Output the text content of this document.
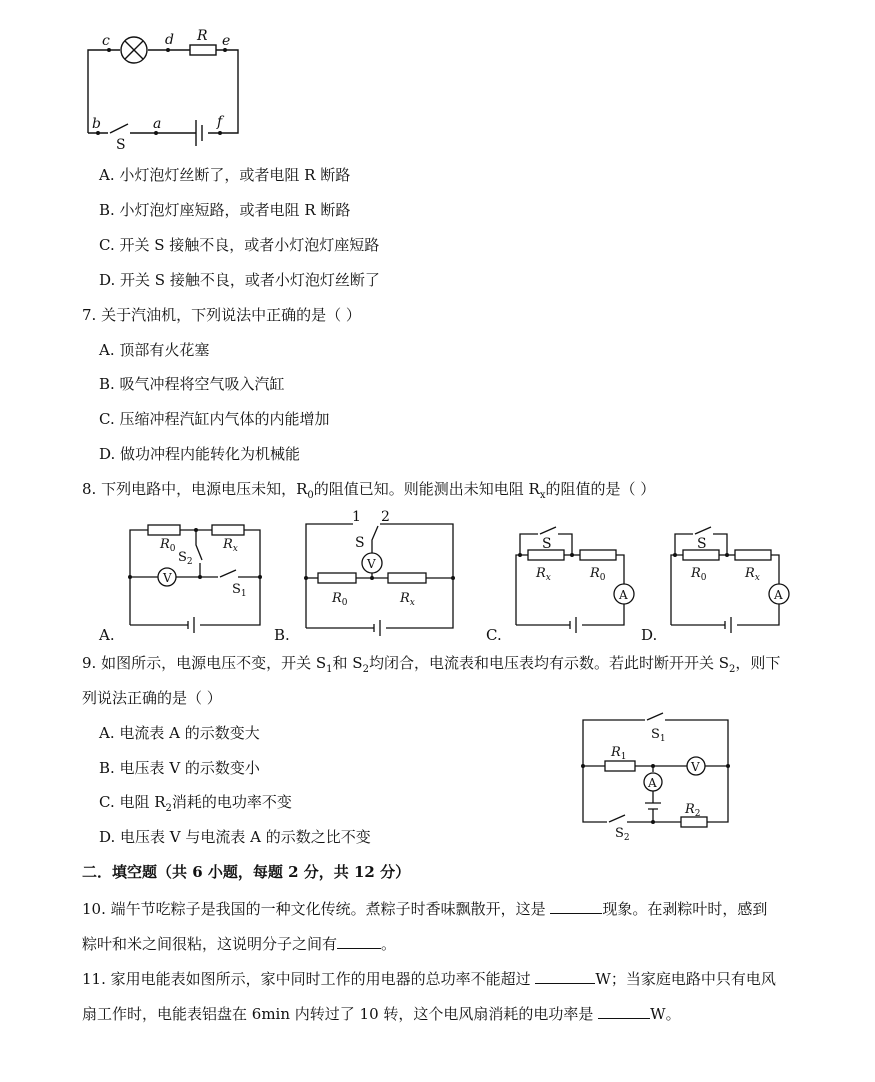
c	d R e
b	a	f
S
A. 小灯泡灯丝断了，或者电阻 R 断路
B. 小灯泡灯座短路，或者电阻 R 断路
C. 开关 S 接触不良，或者小灯泡灯座短路
D. 开关 S 接触不良，或者小灯泡灯丝断了
7. 关于汽油机，下列说法中正确的是（ ）
A. 顶部有火花塞
B. 吸气冲程将空气吸入汽缸
C. 压缩冲程汽缸内气体的内能增加
D. 做功冲程内能转化为机械能
8. 下列电路中，电源电压未知，$R_0$的阻值已知。则能测出未知电阻 $R_x$的阻值的是（ ）
$R_0$	$R_x$
$S_2$
V
$S_1$
A.
1 2
S
V
$R_0$	$R_x$
B.
S
$R_x$	$R_0$
A
C.
S
$R_0$	$R_x$
A
D.
9. 如图所示，电源电压不变，开关 $S_1$和 $S_2$均闭合，电流表和电压表均有示数。若此时断开开关 $S_2$，则下
列说法正确的是（ ）
A. 电流表 A 的示数变大
B. 电压表 V 的示数变小
C. 电阻 $R_2$消耗的电功率不变
D. 电压表 V 与电流表 A 的示数之比不变
$S_1$
$R_1$
V
A
$R_2$
$S_2$
二．填空题（共 6 小题，每题 2 分，共 12 分）
10. 端午节吃粽子是我国的一种文化传统。煮粽子时香味飘散开，这是	现象。在剥粽叶时，感到
粽叶和米之间很粘，这说明分子之间有	。
11. 家用电能表如图所示，家中同时工作的用电器的总功率不能超过	W；当家庭电路中只有电风
扇工作时，电能表铝盘在 6min 内转过了 10 转，这个电风扇消耗的电功率是	W。
